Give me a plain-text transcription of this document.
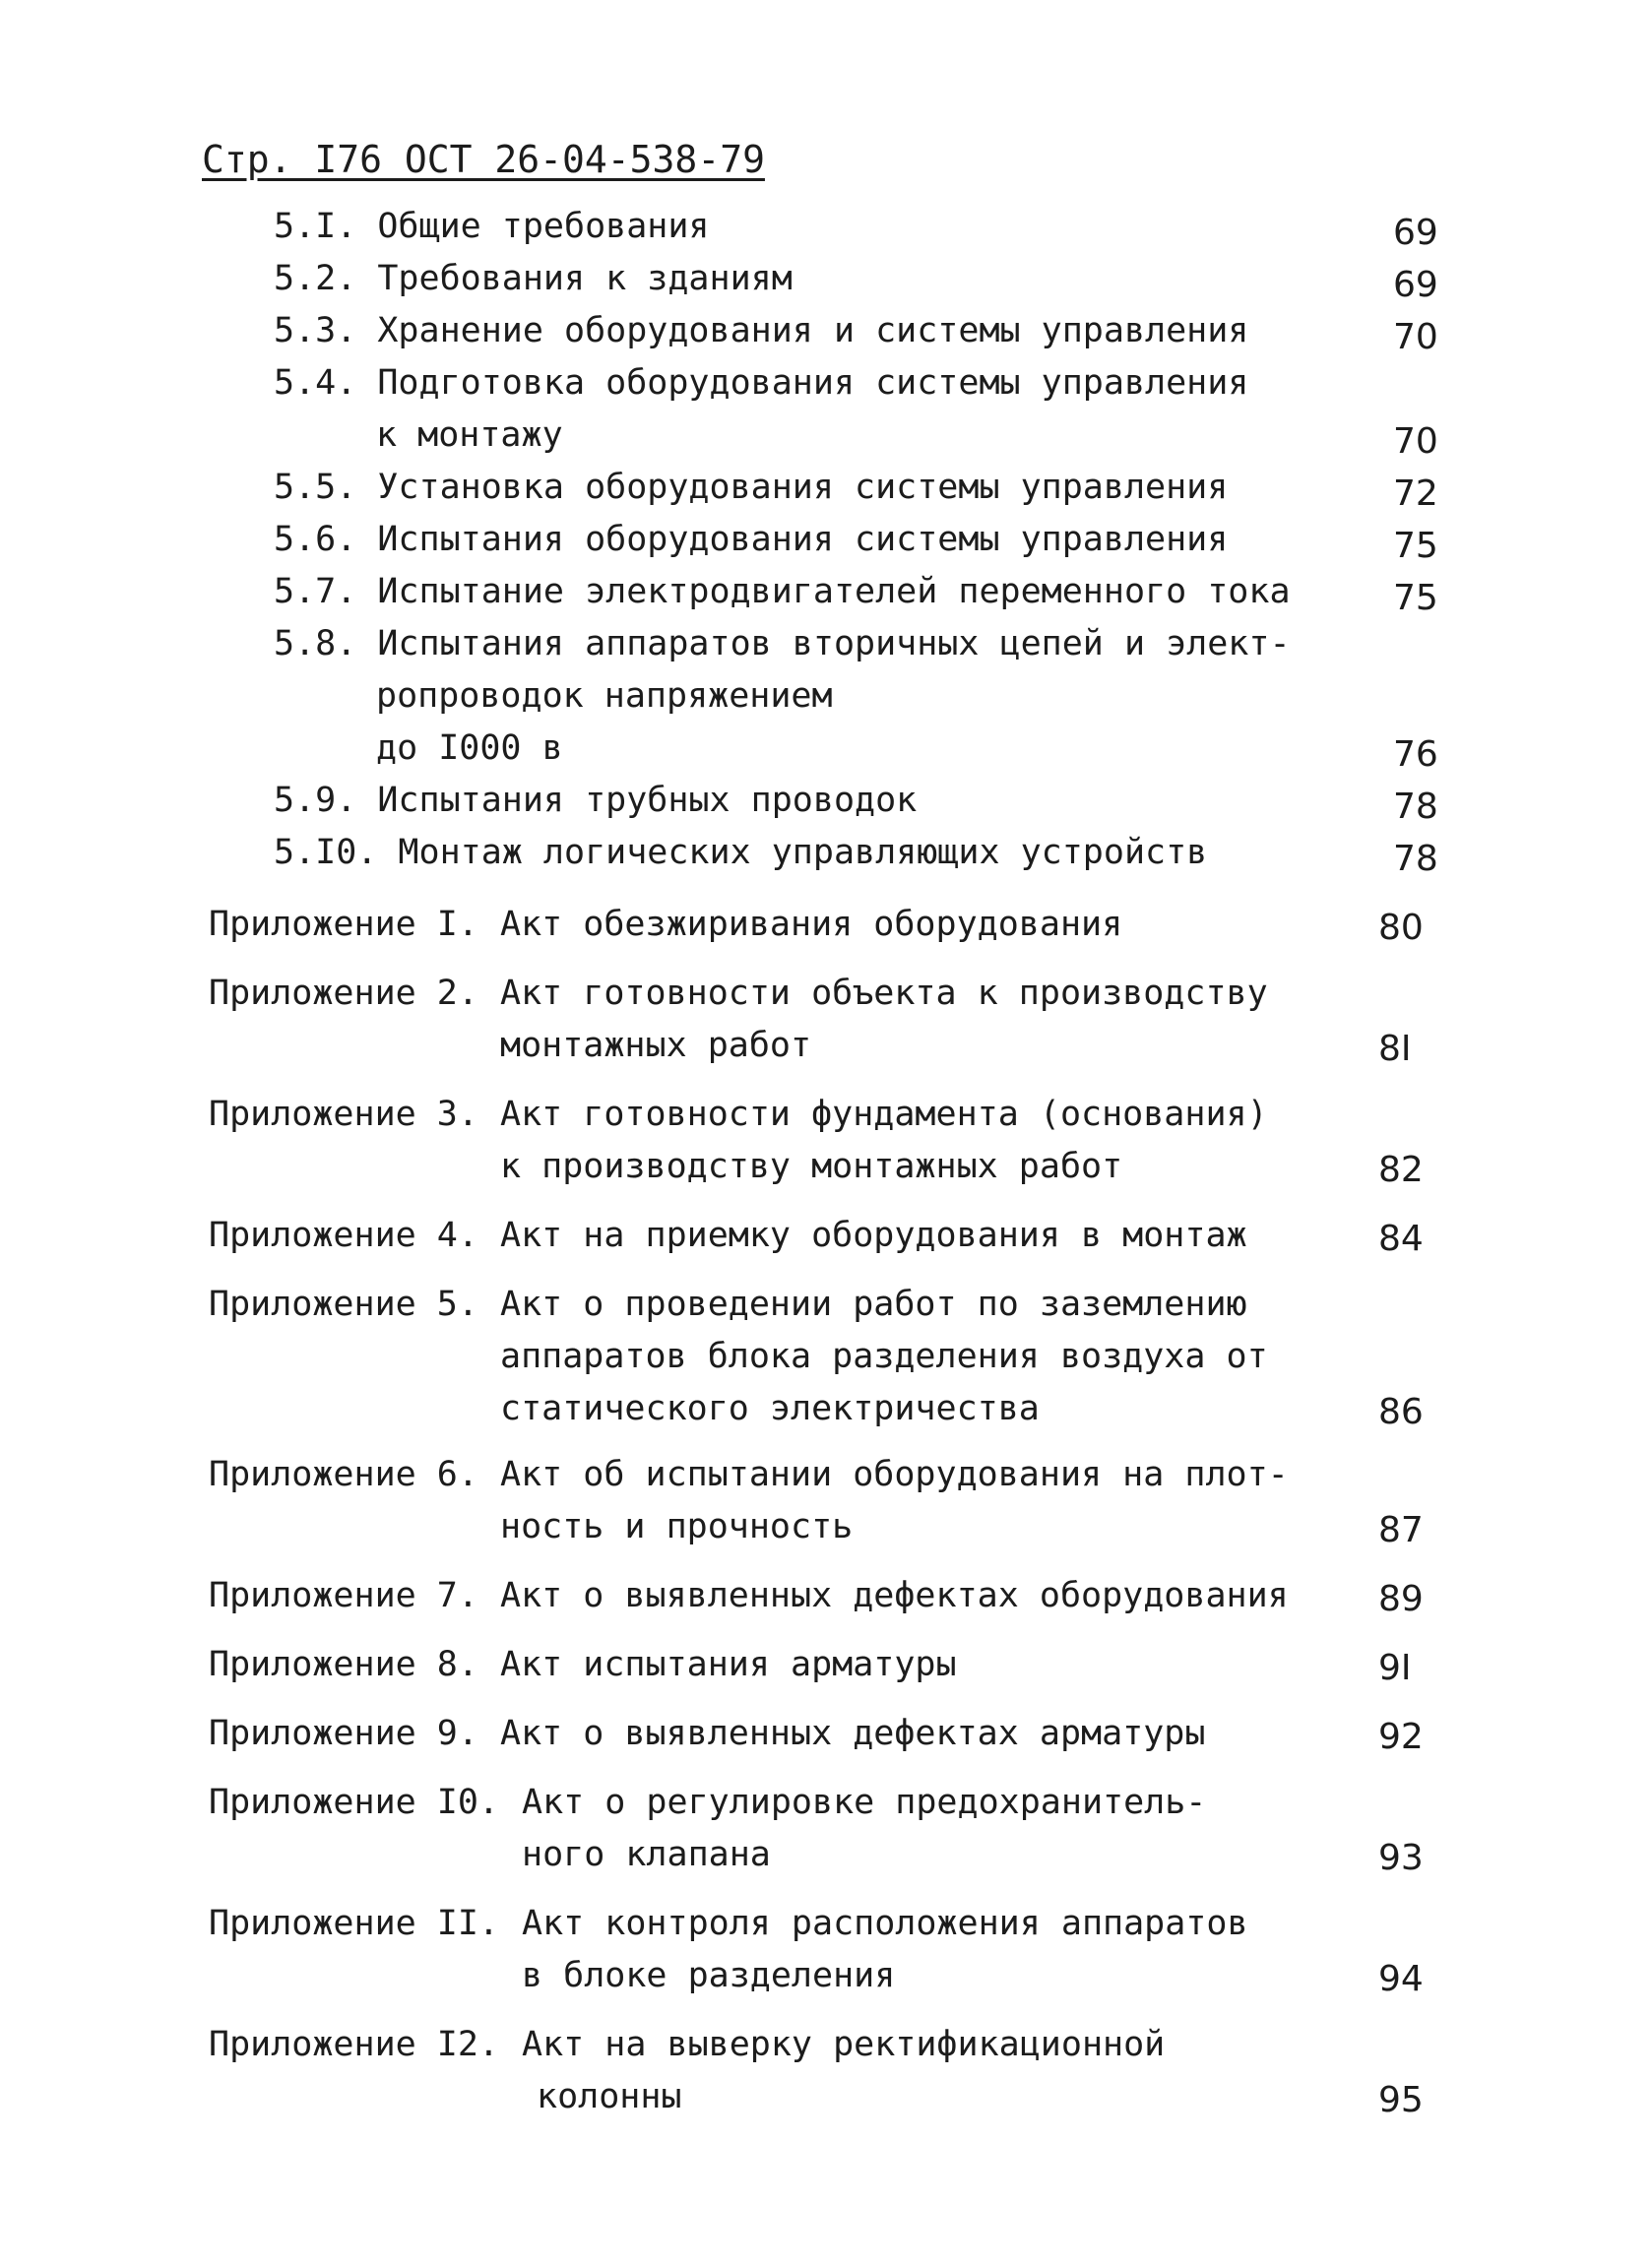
Стр. I76 ОСТ 26-04-538-79
5.I. Общие требования	69
5.2. Требования к зданиям	69
5.3. Хранение оборудования и системы управления	70
5.4. Подготовка оборудования системы управления
к монтажу	70
5.5. Установка оборудования системы управления	72
5.6. Испытания оборудования системы управления	75
5.7. Испытание электродвигателей переменного тока	75
5.8. Испытания аппаратов вторичных цепей и элект-
ропроводок напряжением
до I000 в	76
5.9. Испытания трубных проводок	78
5.I0. Монтаж логических управляющих устройств	78
Приложение I. Акт обезжиривания оборудования	80
Приложение 2. Акт готовности объекта к производству
монтажных работ	8I
Приложение 3. Акт готовности фундамента (основания)
к производству монтажных работ	82
Приложение 4. Акт на приемку оборудования в монтаж	84
Приложение 5. Акт о проведении работ по заземлению
аппаратов блока разделения воздуха от
статического электричества	86
Приложение 6. Акт об испытании оборудования на плот-
ность и прочность	87
Приложение 7. Акт о выявленных дефектах оборудования	89
Приложение 8. Акт испытания арматуры	9I
Приложение 9. Акт о выявленных дефектах арматуры	92
Приложение I0. Акт о регулировке предохранитель-
ного клапана	93
Приложение II. Акт контроля расположения аппаратов
в блоке разделения	94
Приложение I2. Акт на выверку ректификационной
колонны	95
